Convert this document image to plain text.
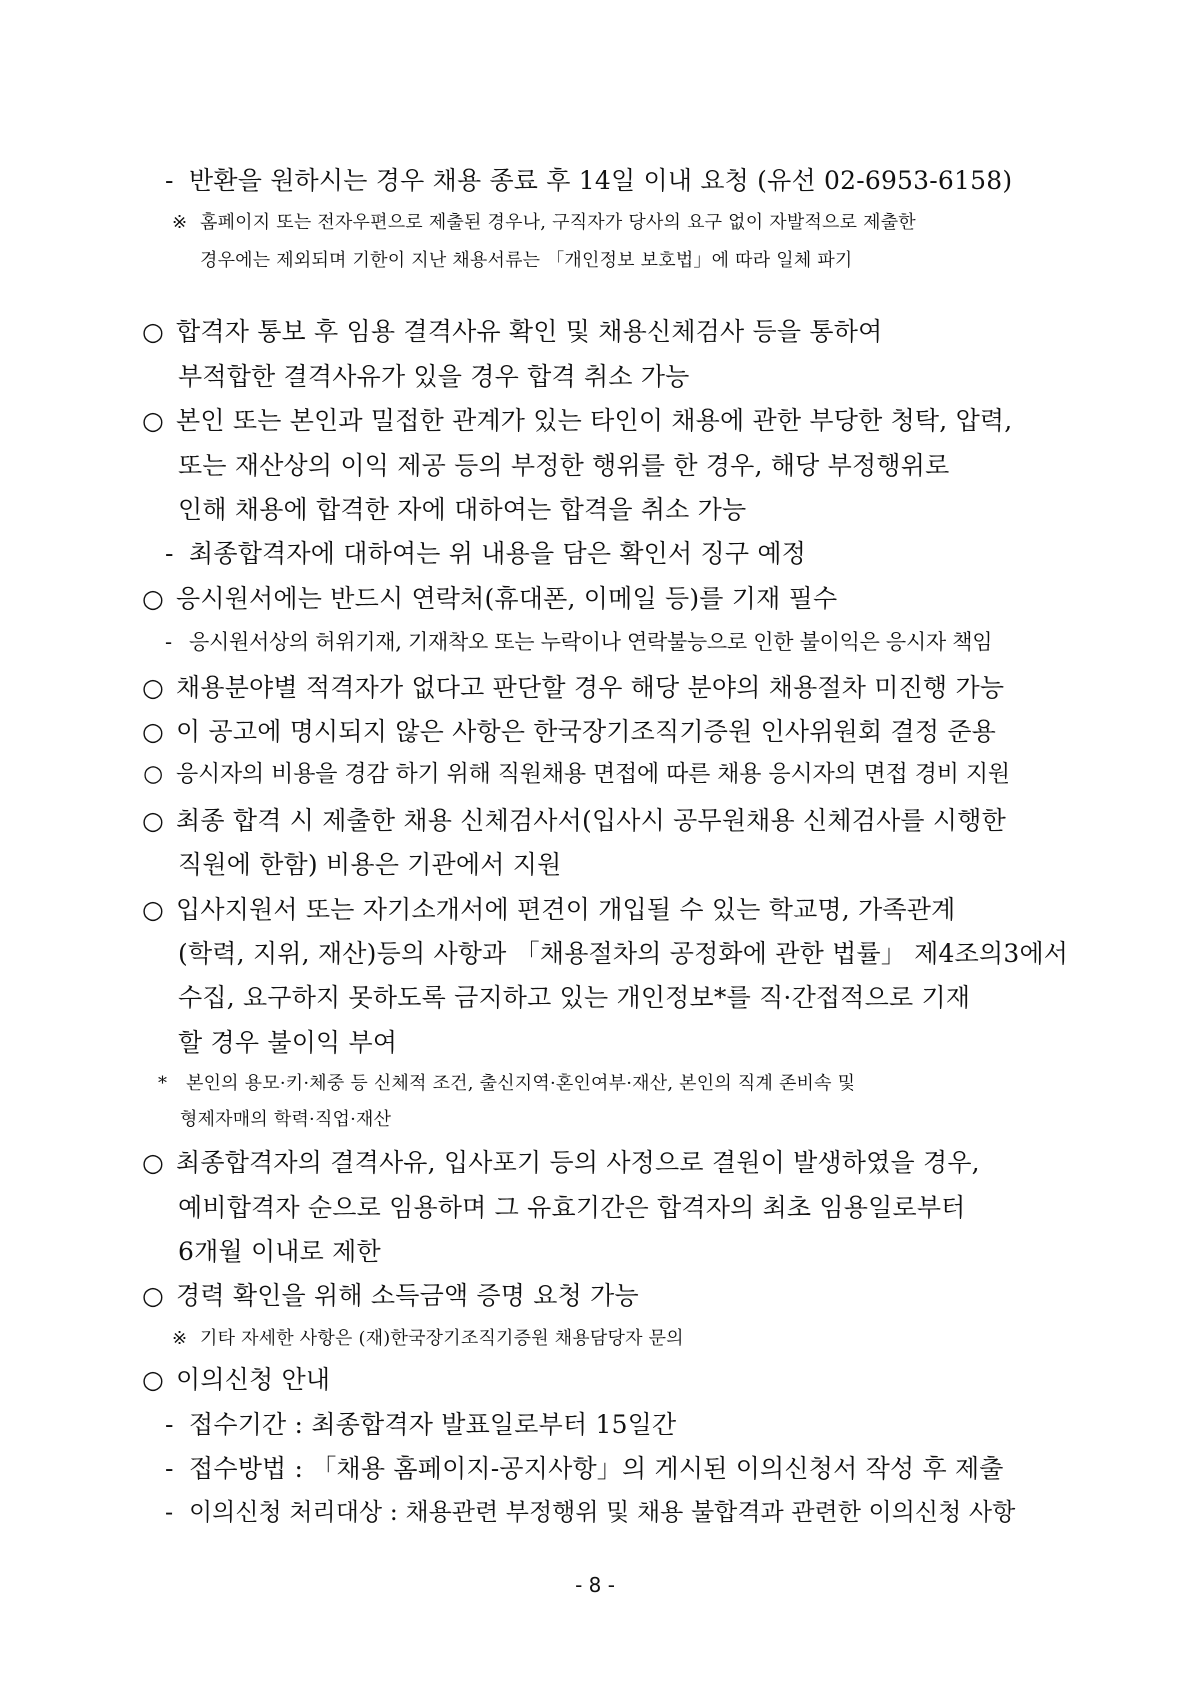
- 반환을 원하시는 경우 채용 종료 후 14일 이내 요청 (유선 02-6953-6158)
※ 홈페이지 또는 전자우편으로 제출된 경우나, 구직자가 당사의 요구 없이 자발적으로 제출한
경우에는 제외되며 기한이 지난 채용서류는 「개인정보 보호법」에 따라 일체 파기
○ 합격자 통보 후 임용 결격사유 확인 및 채용신체검사 등을 통하여
부적합한 결격사유가 있을 경우 합격 취소 가능
○ 본인 또는 본인과 밀접한 관계가 있는 타인이 채용에 관한 부당한 청탁, 압력,
또는 재산상의 이익 제공 등의 부정한 행위를 한 경우, 해당 부정행위로
인해 채용에 합격한 자에 대하여는 합격을 취소 가능
- 최종합격자에 대하여는 위 내용을 담은 확인서 징구 예정
○ 응시원서에는 반드시 연락처(휴대폰, 이메일 등)를 기재 필수
- 응시원서상의 허위기재, 기재착오 또는 누락이나 연락불능으로 인한 불이익은 응시자 책임
○ 채용분야별 적격자가 없다고 판단할 경우 해당 분야의 채용절차 미진행 가능
○ 이 공고에 명시되지 않은 사항은 한국장기조직기증원 인사위원회 결정 준용
○ 응시자의 비용을 경감 하기 위해 직원채용 면접에 따른 채용 응시자의 면접 경비 지원
○ 최종 합격 시 제출한 채용 신체검사서(입사시 공무원채용 신체검사를 시행한
직원에 한함) 비용은 기관에서 지원
○ 입사지원서 또는 자기소개서에 편견이 개입될 수 있는 학교명, 가족관계
(학력, 지위, 재산)등의 사항과 「채용절차의 공정화에 관한 법률」 제4조의3에서
수집, 요구하지 못하도록 금지하고 있는 개인정보*를 직·간접적으로 기재
할 경우 불이익 부여
* 본인의 용모·키·체중 등 신체적 조건, 출신지역·혼인여부·재산, 본인의 직계 존비속 및
형제자매의 학력·직업·재산
○ 최종합격자의 결격사유, 입사포기 등의 사정으로 결원이 발생하였을 경우,
예비합격자 순으로 임용하며 그 유효기간은 합격자의 최초 임용일로부터
6개월 이내로 제한
○ 경력 확인을 위해 소득금액 증명 요청 가능
※ 기타 자세한 사항은 (재)한국장기조직기증원 채용담당자 문의
○ 이의신청 안내
- 접수기간 : 최종합격자 발표일로부터 15일간
- 접수방법 : 「채용 홈페이지-공지사항」의 게시된 이의신청서 작성 후 제출
- 이의신청 처리대상 : 채용관련 부정행위 및 채용 불합격과 관련한 이의신청 사항
- 8 -
